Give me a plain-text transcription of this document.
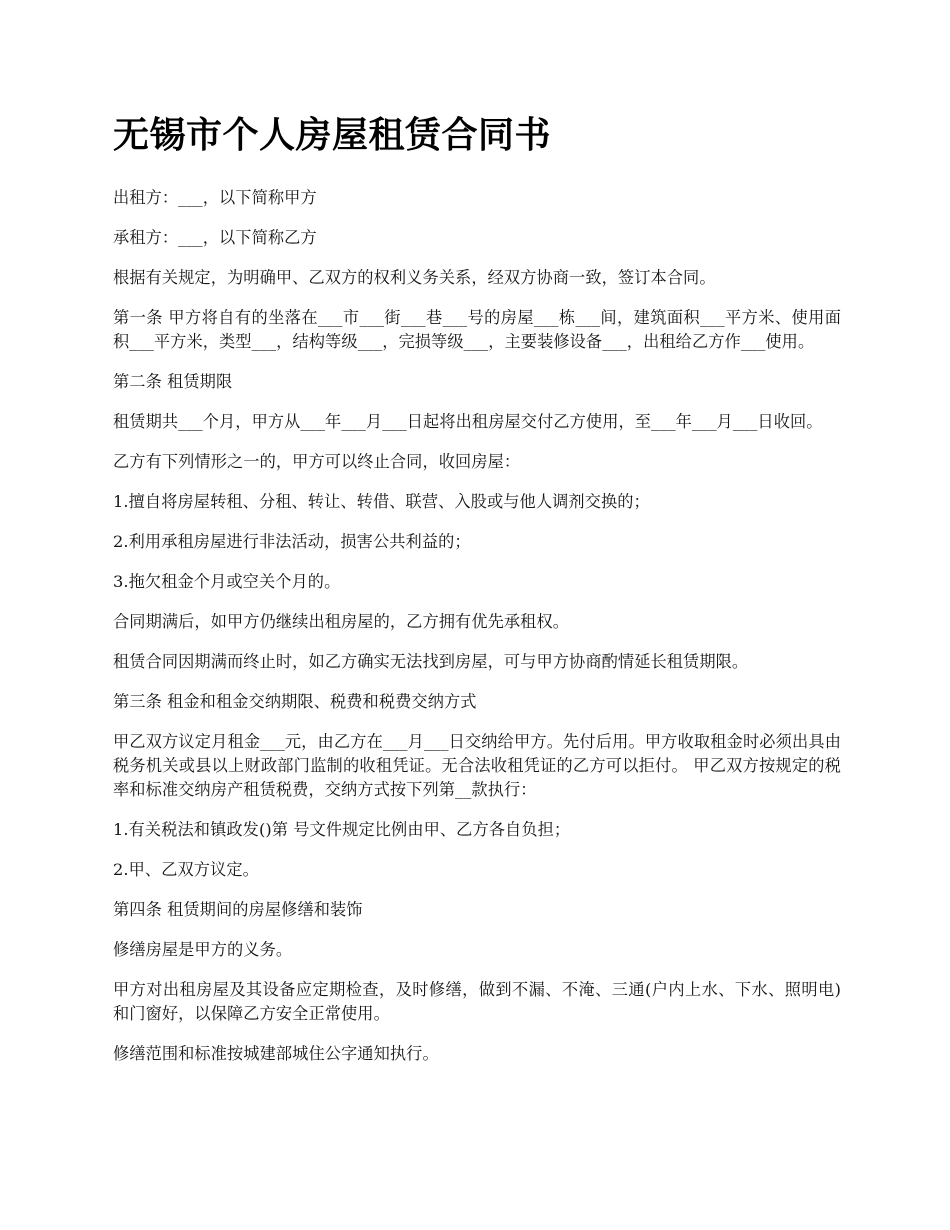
无锡市个人房屋租赁合同书

出租方：___，以下简称甲方

承租方：___，以下简称乙方

根据有关规定，为明确甲、乙双方的权利义务关系，经双方协商一致，签订本合同。

第一条 甲方将自有的坐落在___市___街___巷___号的房屋___栋___间，建筑面积___平方米、使用面积___平方米，类型___，结构等级___，完损等级___，主要装修设备___，出租给乙方作___使用。

第二条 租赁期限

租赁期共___个月，甲方从___年___月___日起将出租房屋交付乙方使用，至___年___月___日收回。

乙方有下列情形之一的，甲方可以终止合同，收回房屋：

1.擅自将房屋转租、分租、转让、转借、联营、入股或与他人调剂交换的；

2.利用承租房屋进行非法活动，损害公共利益的；

3.拖欠租金个月或空关个月的。

合同期满后，如甲方仍继续出租房屋的，乙方拥有优先承租权。

租赁合同因期满而终止时，如乙方确实无法找到房屋，可与甲方协商酌情延长租赁期限。

第三条 租金和租金交纳期限、税费和税费交纳方式

甲乙双方议定月租金___元，由乙方在___月___日交纳给甲方。先付后用。甲方收取租金时必须出具由税务机关或县以上财政部门监制的收租凭证。无合法收租凭证的乙方可以拒付。 甲乙双方按规定的税率和标准交纳房产租赁税费，交纳方式按下列第__款执行：

1.有关税法和镇政发()第 号文件规定比例由甲、乙方各自负担；

2.甲、乙双方议定。

第四条 租赁期间的房屋修缮和装饰

修缮房屋是甲方的义务。

甲方对出租房屋及其设备应定期检查，及时修缮，做到不漏、不淹、三通(户内上水、下水、照明电)和门窗好，以保障乙方安全正常使用。

修缮范围和标准按城建部城住公字通知执行。
